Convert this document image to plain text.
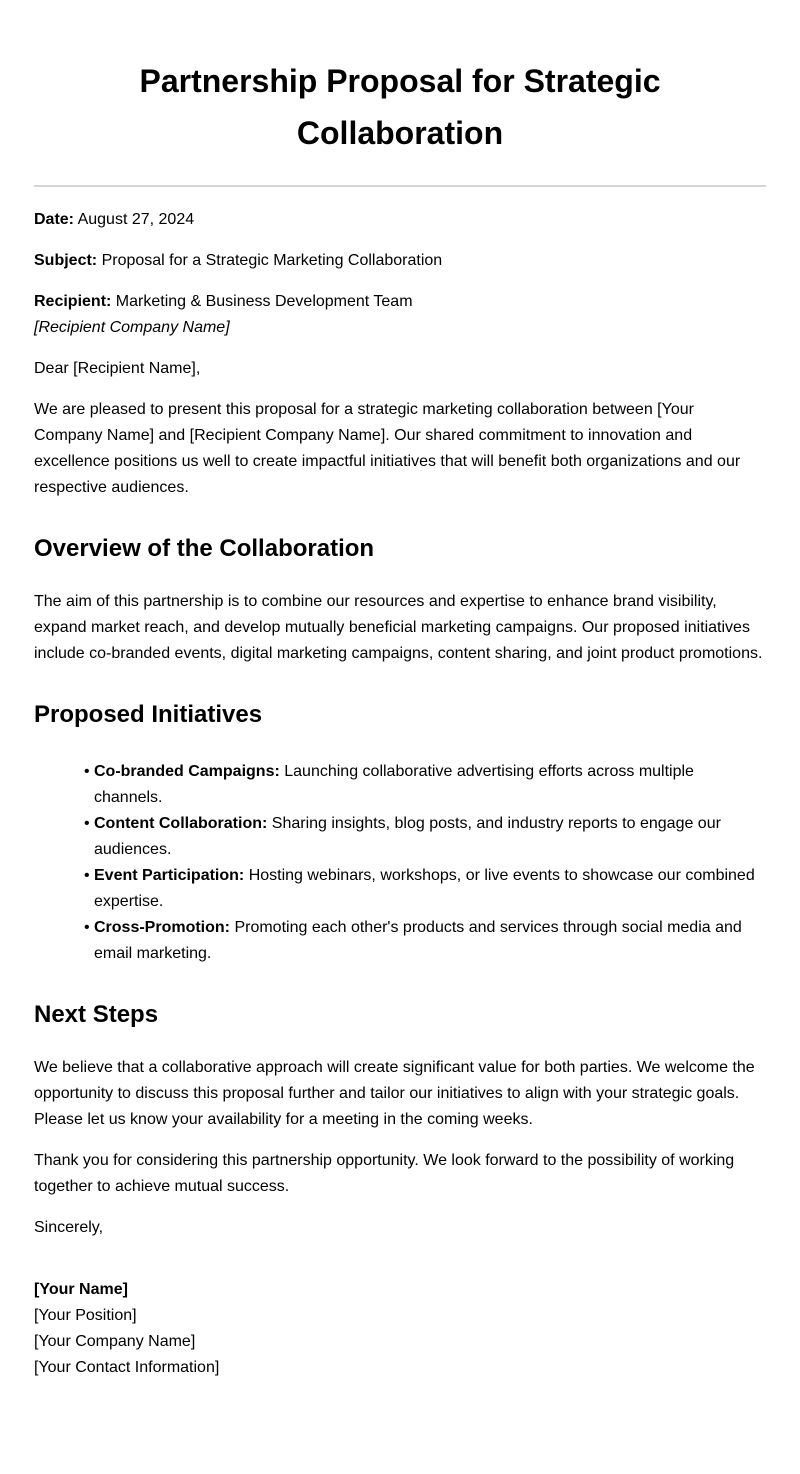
Partnership Proposal for Strategic Collaboration

Date: August 27, 2024

Subject: Proposal for a Strategic Marketing Collaboration

Recipient: Marketing & Business Development Team
[Recipient Company Name]

Dear [Recipient Name],

We are pleased to present this proposal for a strategic marketing collaboration between [Your Company Name] and [Recipient Company Name]. Our shared commitment to innovation and excellence positions us well to create impactful initiatives that will benefit both organizations and our respective audiences.

Overview of the Collaboration

The aim of this partnership is to combine our resources and expertise to enhance brand visibility, expand market reach, and develop mutually beneficial marketing campaigns. Our proposed initiatives include co-branded events, digital marketing campaigns, content sharing, and joint product promotions.

Proposed Initiatives
• Co-branded Campaigns: Launching collaborative advertising efforts across multiple channels.
• Content Collaboration: Sharing insights, blog posts, and industry reports to engage our audiences.
• Event Participation: Hosting webinars, workshops, or live events to showcase our combined expertise.
• Cross-Promotion: Promoting each other's products and services through social media and email marketing.
Next Steps

We believe that a collaborative approach will create significant value for both parties. We welcome the opportunity to discuss this proposal further and tailor our initiatives to align with your strategic goals. Please let us know your availability for a meeting in the coming weeks.

Thank you for considering this partnership opportunity. We look forward to the possibility of working together to achieve mutual success.

Sincerely,

[Your Name]
[Your Position]
[Your Company Name]
[Your Contact Information]
